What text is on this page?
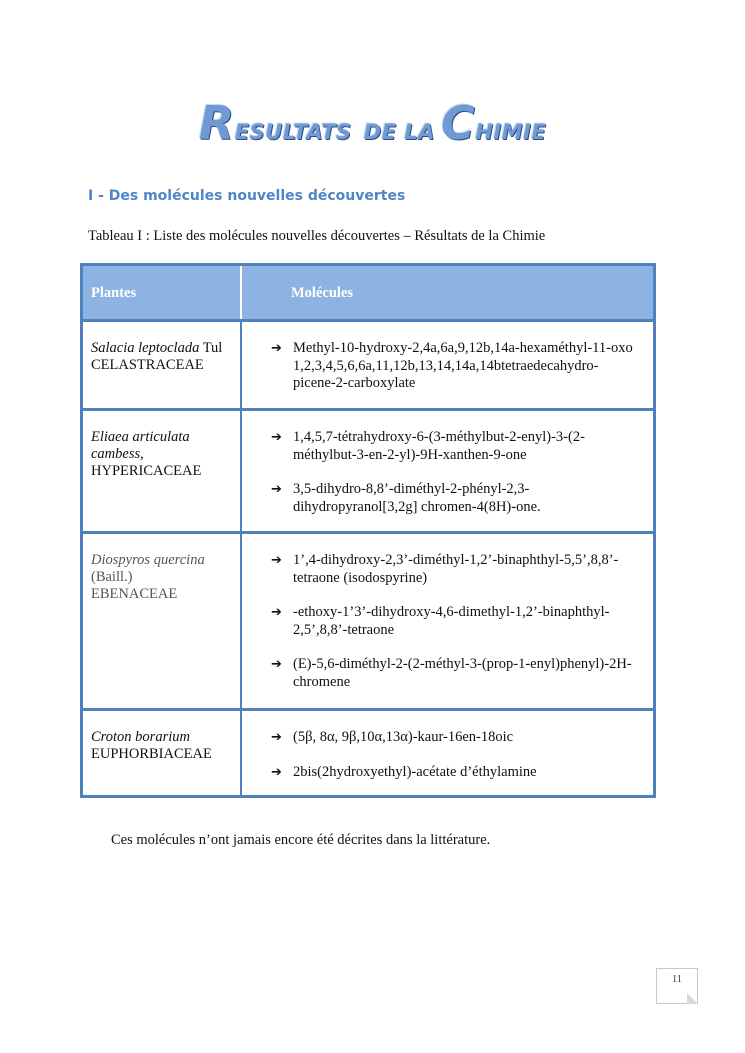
RESULTATS DE LA CHIMIE
I - Des molécules nouvelles découvertes
Tableau I : Liste des molécules nouvelles découvertes – Résultats de la Chimie
Plantes	Molécules
Salacia leptoclada Tul
CELASTRACEAE
➔ Methyl-10-hydroxy-2,4a,6a,9,12b,14a-hexaméthyl-11-oxo 1,2,3,4,5,6,6a,11,12b,13,14,14a,14btetraedecahydro-picene-2-carboxylate
Eliaea articulata cambess,
HYPERICACEAE
➔ 1,4,5,7-tétrahydroxy-6-(3-méthylbut-2-enyl)-3-(2-méthylbut-3-en-2-yl)-9H-xanthen-9-one
➔ 3,5-dihydro-8,8’-diméthyl-2-phényl-2,3-dihydropyranol[3,2g] chromen-4(8H)-one.
Diospyros quercina
(Baill.)
EBENACEAE
➔ 1’,4-dihydroxy-2,3’-diméthyl-1,2’-binaphthyl-5,5’,8,8’-tetraone (isodospyrine)
➔ -ethoxy-1’3’-dihydroxy-4,6-dimethyl-1,2’-binaphthyl-2,5’,8,8’-tetraone
➔ (E)-5,6-diméthyl-2-(2-méthyl-3-(prop-1-enyl)phenyl)-2H-chromene
Croton borarium
EUPHORBIACEAE
➔ (5β, 8α, 9β,10α,13α)-kaur-16en-18oic
➔ 2bis(2hydroxyethyl)-acétate d’éthylamine
Ces molécules n’ont jamais encore été décrites dans la littérature.
11
